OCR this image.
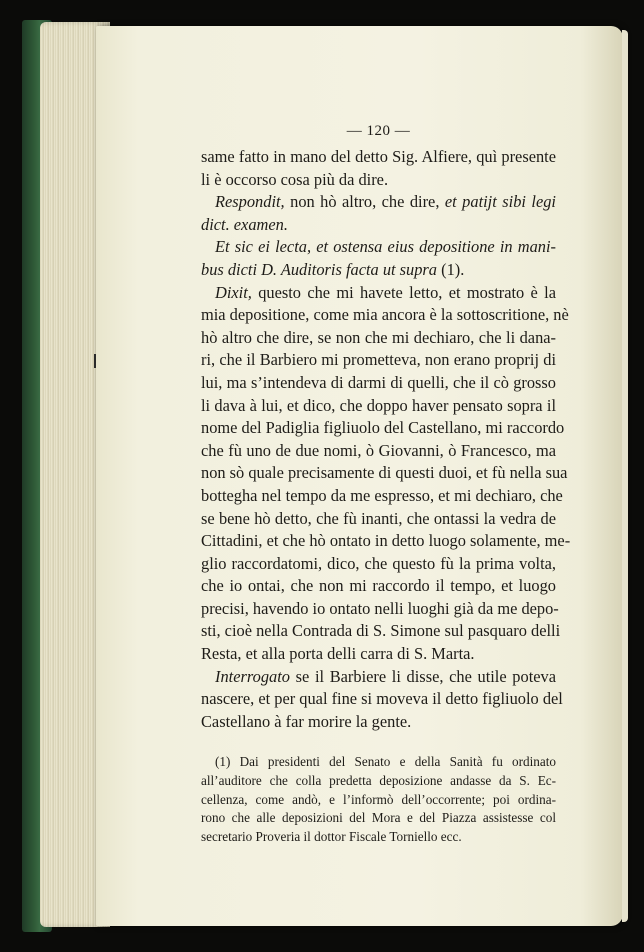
— 120 —
same fatto in mano del detto Sig. Alfiere, quì presente
li è occorso cosa più da dire.
Respondit, non hò altro, che dire, et patijt sibi legi
dict. examen.
Et sic ei lecta, et ostensa eius depositione in mani-
bus dicti D. Auditoris facta ut supra (1).
Dixit, questo che mi havete letto, et mostrato è la
mia depositione, come mia ancora è la sottoscritione, nè
hò altro che dire, se non che mi dechiaro, che li dana-
ri, che il Barbiero mi prometteva, non erano proprij di
lui, ma s’intendeva di darmi di quelli, che il cò grosso
li dava à lui, et dico, che doppo haver pensato sopra il
nome del Padiglia figliuolo del Castellano, mi raccordo
che fù uno de due nomi, ò Giovanni, ò Francesco, ma
non sò quale precisamente di questi duoi, et fù nella sua
bottegha nel tempo da me espresso, et mi dechiaro, che
se bene hò detto, che fù inanti, che ontassi la vedra de
Cittadini, et che hò ontato in detto luogo solamente, me-
glio raccordatomi, dico, che questo fù la prima volta,
che io ontai, che non mi raccordo il tempo, et luogo
precisi, havendo io ontato nelli luoghi già da me depo-
sti, cioè nella Contrada di S. Simone sul pasquaro delli
Resta, et alla porta delli carra di S. Marta.
Interrogato se il Barbiere li disse, che utile poteva
nascere, et per qual fine si moveva il detto figliuolo del
Castellano à far morire la gente.
(1) Dai presidenti del Senato e della Sanità fu ordinato
all’auditore che colla predetta deposizione andasse da S. Ec-
cellenza, come andò, e l’informò dell’occorrente; poi ordina-
rono che alle deposizioni del Mora e del Piazza assistesse col
secretario Proveria il dottor Fiscale Torniello ecc.
